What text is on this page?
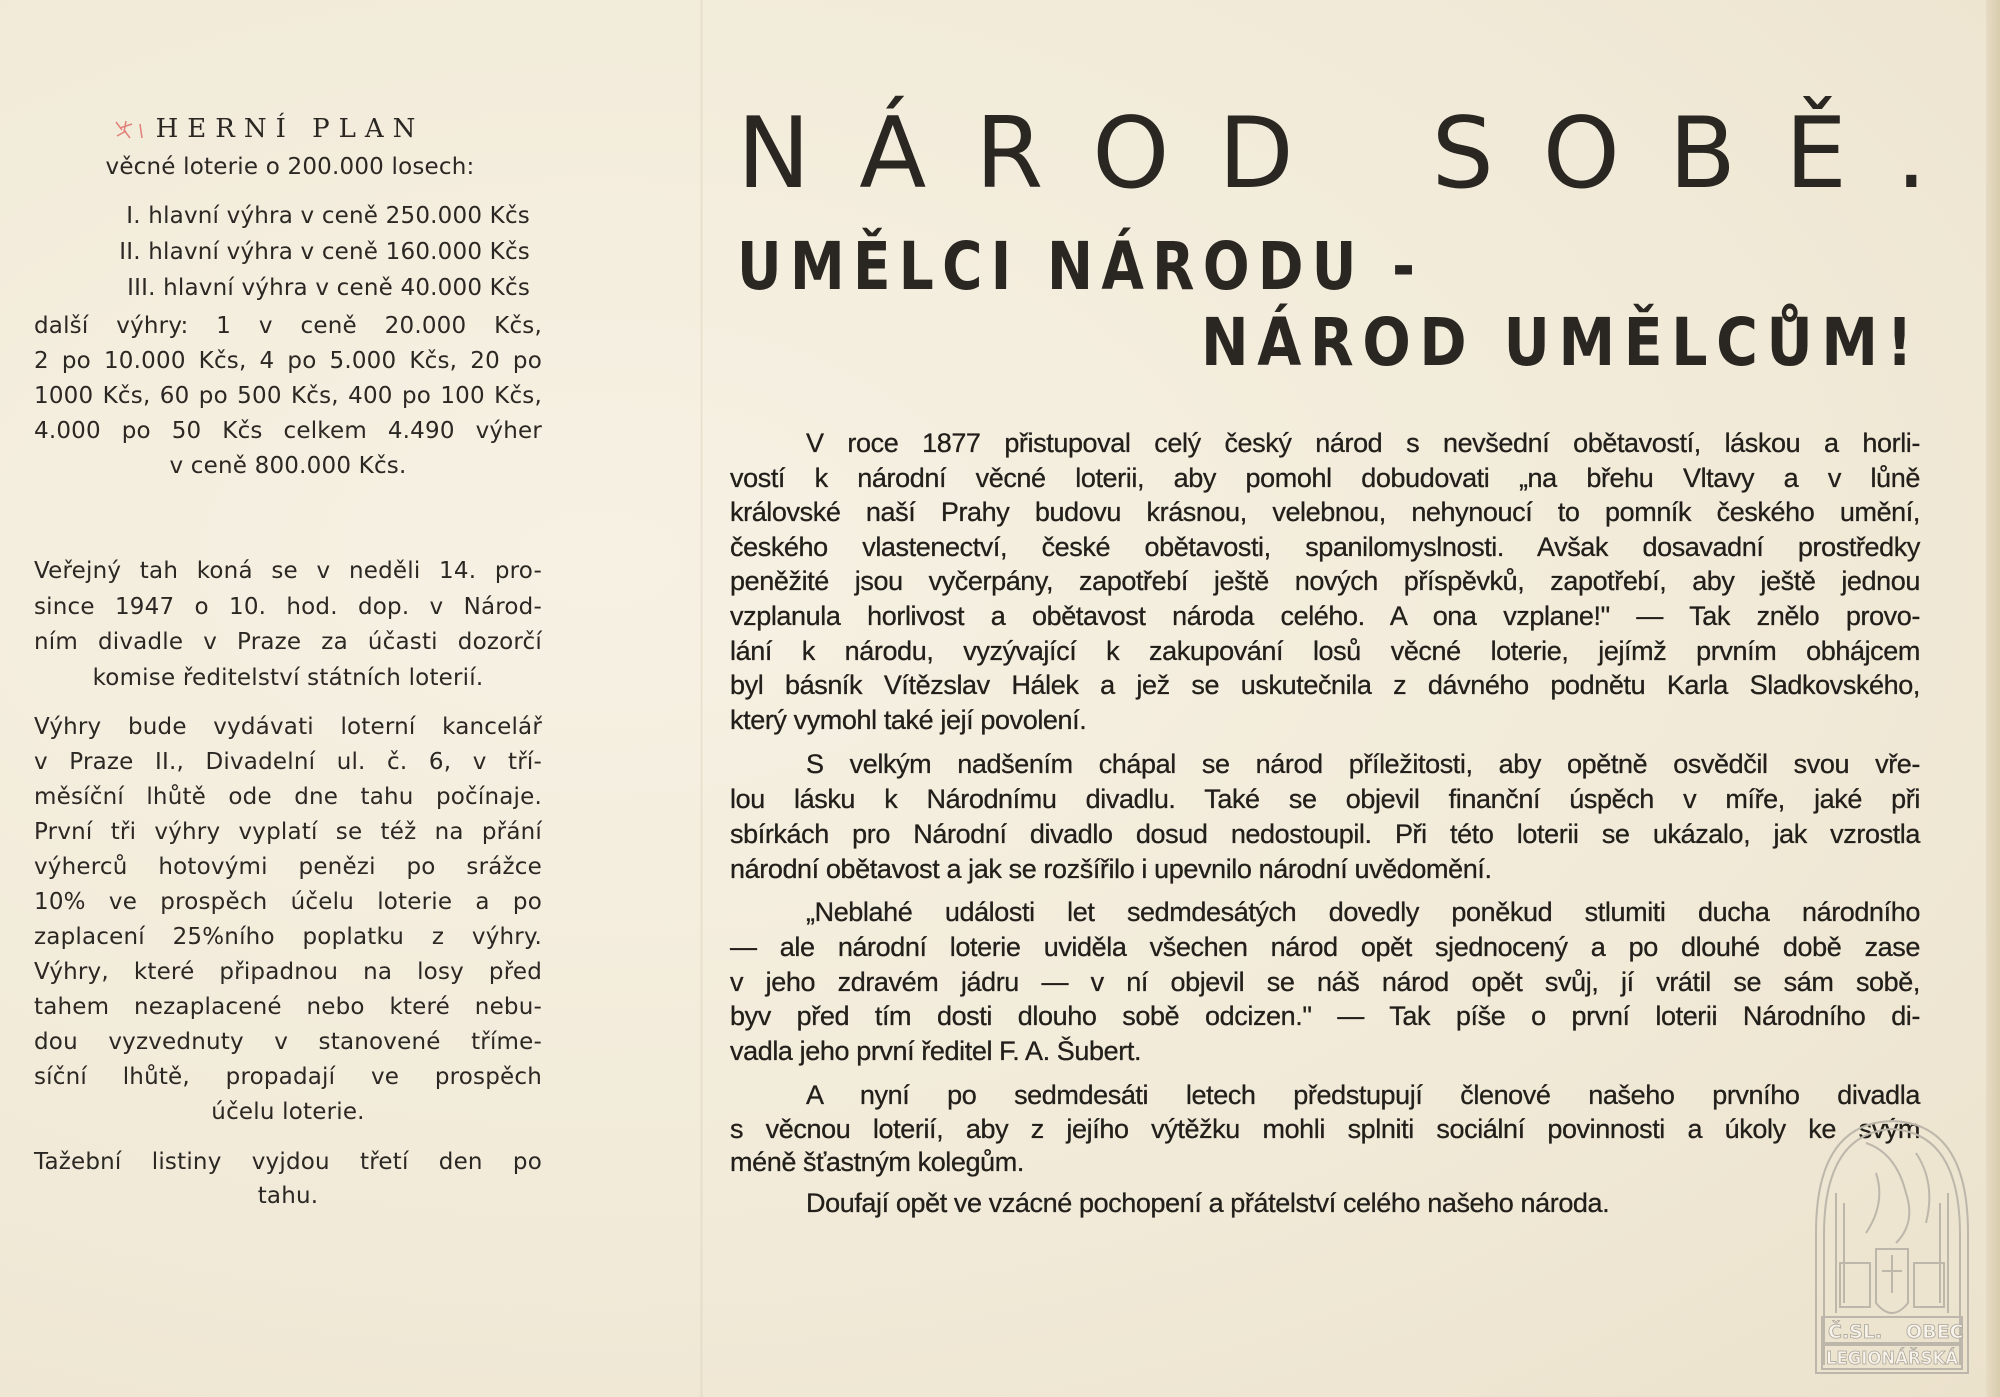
HERNÍ PLAN
věcné loterie o 200.000 losech:
I. hlavní výhra v ceně 250.000 Kčs
II. hlavní výhra v ceně 160.000 Kčs
III. hlavní výhra v ceně 40.000 Kčs
další výhry: 1 v ceně 20.000 Kčs,
2 po 10.000 Kčs, 4 po 5.000 Kčs, 20 po
1000 Kčs, 60 po 500 Kčs, 400 po 100 Kčs,
4.000 po 50 Kčs celkem 4.490 výher
v ceně 800.000 Kčs.
Veřejný tah koná se v neděli 14. pro-
since 1947 o 10. hod. dop. v Národ-
ním divadle v Praze za účasti dozorčí
komise ředitelství státních loterií.
Výhry bude vydávati loterní kancelář
v Praze II., Divadelní ul. č. 6, v tří-
měsíční lhůtě ode dne tahu počínaje.
První tři výhry vyplatí se též na přání
výherců hotovými penězi po srážce
10% ve prospěch účelu loterie a po
zaplacení 25%ního poplatku z výhry.
Výhry, které připadnou na losy před
tahem nezaplacené nebo které nebu-
dou vyzvednuty v stanovené tříme-
síční lhůtě, propadají ve prospěch
účelu loterie.
Tažební listiny vyjdou třetí den po
tahu.
N Á R O D S O B Ě .
UMĚLCI NÁRODU -
NÁROD UMĚLCŮM!
V roce 1877 přistupoval celý český národ s nevšední obětavostí, láskou a horli-
vostí k národní věcné loterii, aby pomohl dobudovati „na břehu Vltavy a v lůně
královské naší Prahy budovu krásnou, velebnou, nehynoucí to pomník českého umění,
českého vlastenectví, české obětavosti, spanilomyslnosti. Avšak dosavadní prostředky
peněžité jsou vyčerpány, zapotřebí ještě nových příspěvků, zapotřebí, aby ještě jednou
vzplanula horlivost a obětavost národa celého. A ona vzplane!" — Tak znělo provo-
lání k národu, vyzývající k zakupování losů věcné loterie, jejímž prvním obhájcem
byl básník Vítězslav Hálek a jež se uskutečnila z dávného podnětu Karla Sladkovského,
který vymohl také její povolení.
S velkým nadšením chápal se národ příležitosti, aby opětně osvědčil svou vře-
lou lásku k Národnímu divadlu. Také se objevil finanční úspěch v míře, jaké při
sbírkách pro Národní divadlo dosud nedostoupil. Při této loterii se ukázalo, jak vzrostla
národní obětavost a jak se rozšířilo i upevnilo národní uvědomění.
„Neblahé události let sedmdesátých dovedly poněkud stlumiti ducha národního
— ale národní loterie uviděla všechen národ opět sjednocený a po dlouhé době zase
v jeho zdravém jádru — v ní objevil se náš národ opět svůj, jí vrátil se sám sobě,
byv před tím dosti dlouho sobě odcizen." — Tak píše o první loterii Národního di-
vadla jeho první ředitel F. A. Šubert.
A nyní po sedmdesáti letech předstupují členové našeho prvního divadla
s věcnou loterií, aby z jejího výtěžku mohli splniti sociální povinnosti a úkoly ke svým
méně šťastným kolegům.
Doufají opět ve vzácné pochopení a přátelství celého našeho národa.
Č.SL. OBEC
LEGIONÁŘSKÁ
